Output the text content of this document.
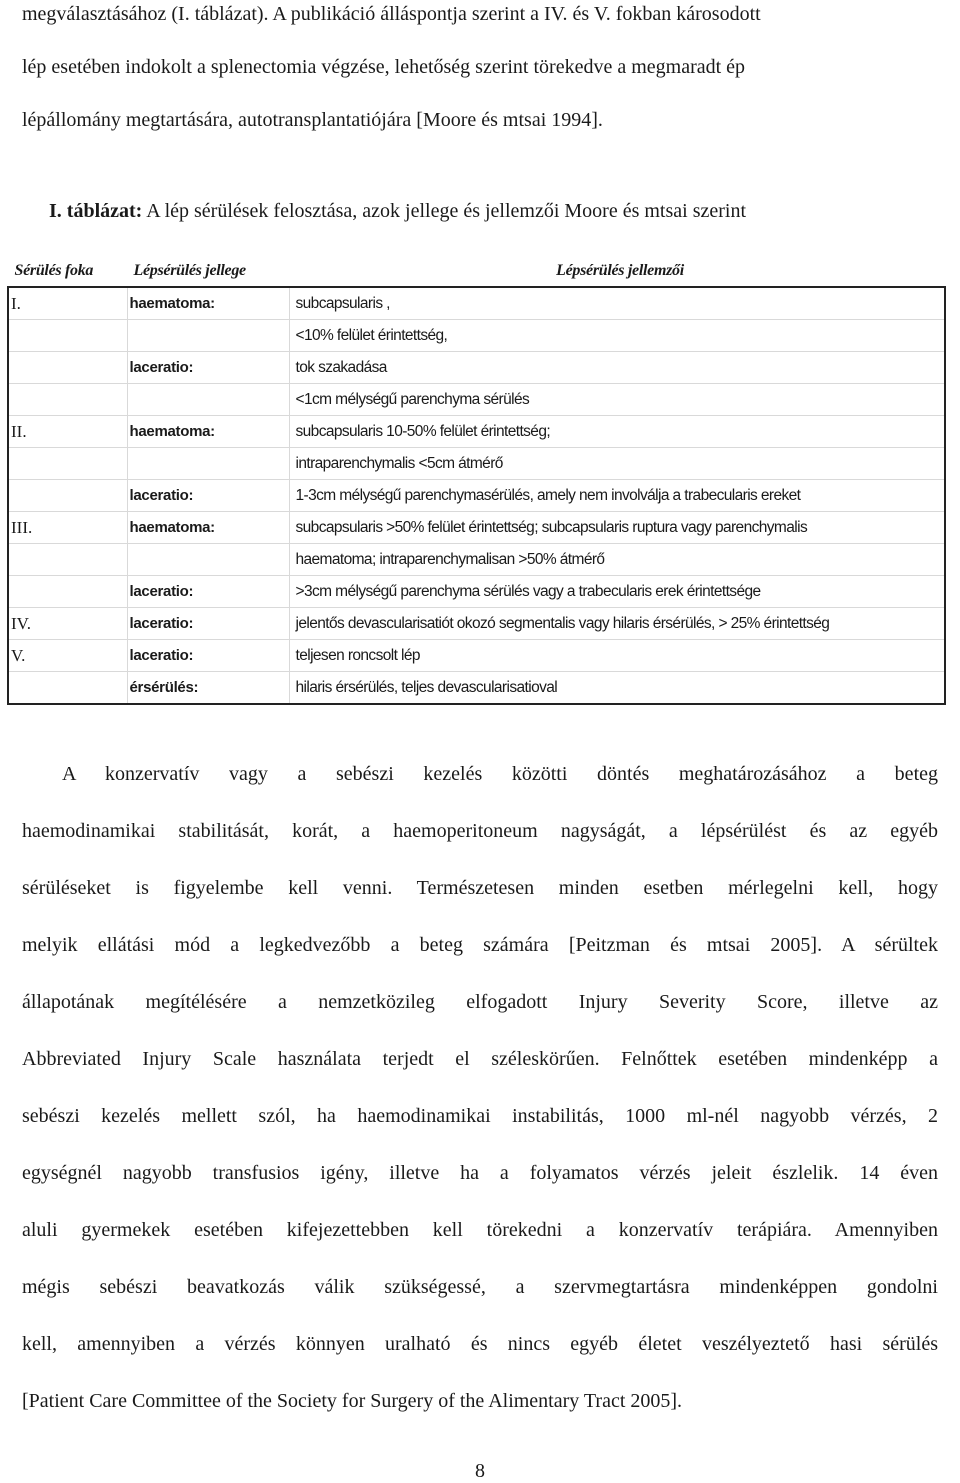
megválasztásához (I. táblázat). A publikáció álláspontja szerint a IV. és V. fokban károsodott
lép esetében indokolt a splenectomia végzése, lehetőség szerint törekedve a megmaradt ép
lépállomány megtartására, autotransplantatiójára [Moore és mtsai 1994].
I. táblázat: A lép sérülések felosztása, azok jellege és jellemzői Moore és mtsai szerint
Sérülés foka	Lépsérülés jellege	Lépsérülés jellemzői
I.	haematoma:	subcapsularis ,
		<10% felület érintettség,
	laceratio:	tok szakadása
		<1cm mélységű parenchyma sérülés
II.	haematoma:	subcapsularis 10-50% felület érintettség;
		intraparenchymalis <5cm átmérő
	laceratio:	1-3cm mélységű parenchymasérülés, amely nem involválja a trabecularis ereket
III.	haematoma:	subcapsularis >50% felület érintettség; subcapsularis ruptura vagy parenchymalis
		haematoma; intraparenchymalisan >50% átmérő
	laceratio:	>3cm mélységű parenchyma sérülés vagy a trabecularis erek érintettsége
IV.	laceratio:	jelentős devascularisatiót okozó segmentalis vagy hilaris érsérülés, > 25% érintettség
V.	laceratio:	teljesen roncsolt lép
	érsérülés:	hilaris érsérülés, teljes devascularisatioval
A konzervatív vagy a sebészi kezelés közötti döntés meghatározásához a beteg
haemodinamikai stabilitását, korát, a haemoperitoneum nagyságát, a lépsérülést és az egyéb
sérüléseket is figyelembe kell venni. Természetesen minden esetben mérlegelni kell, hogy
melyik ellátási mód a legkedvezőbb a beteg számára [Peitzman és mtsai 2005]. A sérültek
állapotának megítélésére a nemzetközileg elfogadott Injury Severity Score, illetve az
Abbreviated Injury Scale használata terjedt el széleskörűen. Felnőttek esetében mindenképp a
sebészi kezelés mellett szól, ha haemodinamikai instabilitás, 1000 ml-nél nagyobb vérzés, 2
egységnél nagyobb transfusios igény, illetve ha a folyamatos vérzés jeleit észlelik. 14 éven
aluli gyermekek esetében kifejezettebben kell törekedni a konzervatív terápiára. Amennyiben
mégis sebészi beavatkozás válik szükségessé, a szervmegtartásra mindenképpen gondolni
kell, amennyiben a vérzés könnyen uralható és nincs egyéb életet veszélyeztető hasi sérülés
[Patient Care Committee of the Society for Surgery of the Alimentary Tract 2005].
8
